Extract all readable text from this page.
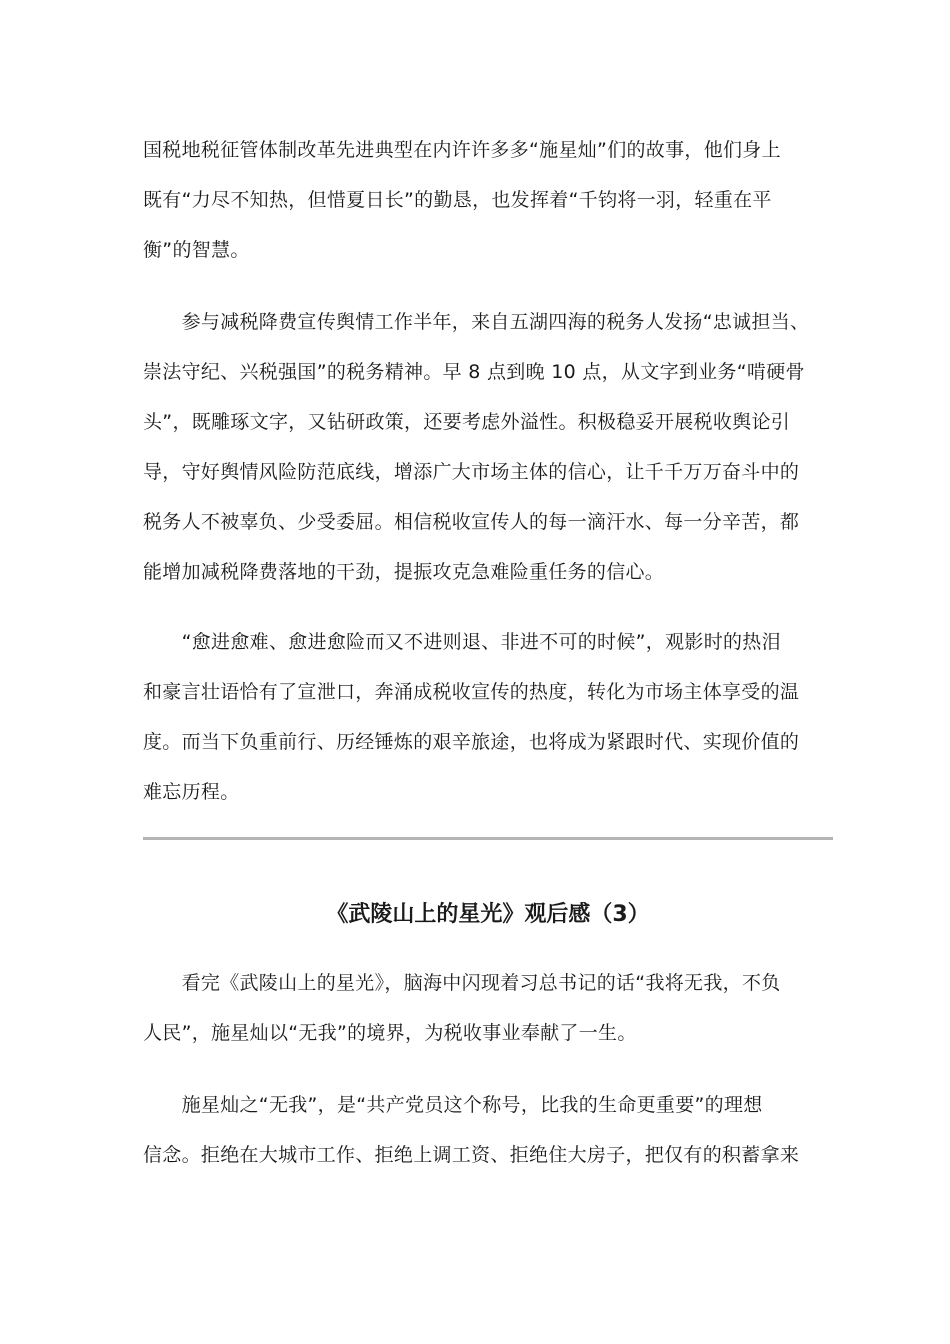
国税地税征管体制改革先进典型在内许许多多“施星灿”们的故事，他们身上
既有“力尽不知热，但惜夏日长”的勤恳，也发挥着“千钧将一羽，轻重在平
衡”的智慧。
　　参与减税降费宣传舆情工作半年，来自五湖四海的税务人发扬“忠诚担当、
崇法守纪、兴税强国”的税务精神。早 8 点到晚 10 点，从文字到业务“啃硬骨
头”，既雕琢文字，又钻研政策，还要考虑外溢性。积极稳妥开展税收舆论引
导，守好舆情风险防范底线，增添广大市场主体的信心，让千千万万奋斗中的
税务人不被辜负、少受委屈。相信税收宣传人的每一滴汗水、每一分辛苦，都
能增加减税降费落地的干劲，提振攻克急难险重任务的信心。
　　“愈进愈难、愈进愈险而又不进则退、非进不可的时候”，观影时的热泪
和豪言壮语恰有了宣泄口，奔涌成税收宣传的热度，转化为市场主体享受的温
度。而当下负重前行、历经锤炼的艰辛旅途，也将成为紧跟时代、实现价值的
难忘历程。
《武陵山上的星光》观后感（3）
　　看完《武陵山上的星光》，脑海中闪现着习总书记的话“我将无我，不负
人民”，施星灿以“无我”的境界，为税收事业奉献了一生。
　　施星灿之“无我”，是“共产党员这个称号，比我的生命更重要”的理想
信念。拒绝在大城市工作、拒绝上调工资、拒绝住大房子，把仅有的积蓄拿来
